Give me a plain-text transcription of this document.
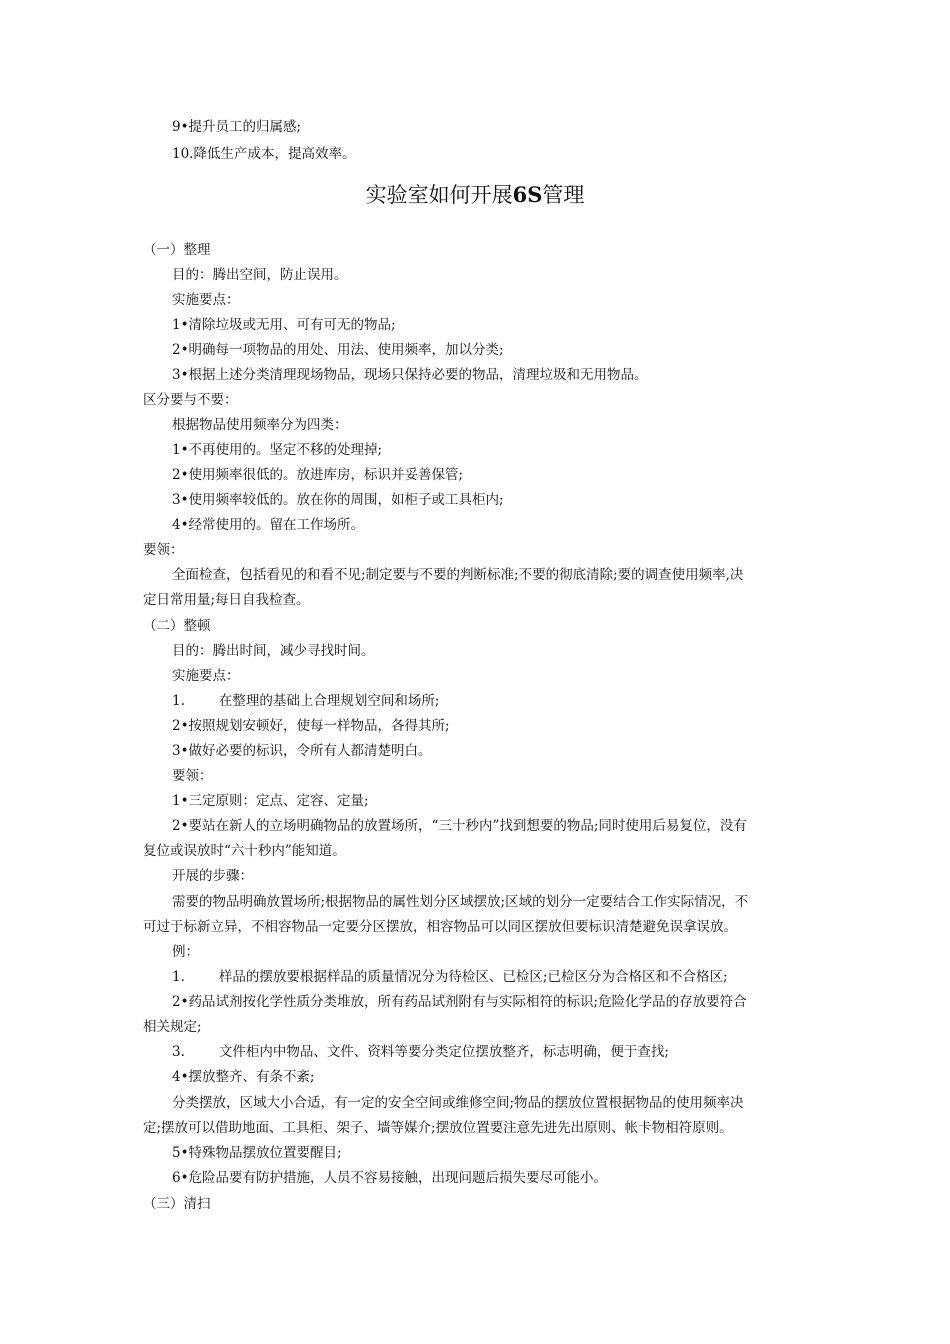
9•提升员工的归属感;
10.降低生产成本，提高效率。
实验室如何开展6S管理
（一）整理
目的：腾出空间，防止误用。
实施要点：
1•清除垃圾或无用、可有可无的物品;
2•明确每一项物品的用处、用法、使用频率，加以分类;
3•根据上述分类清理现场物品，现场只保持必要的物品，清理垃圾和无用物品。
区分要与不要：
根据物品使用频率分为四类：
1•不再使用的。坚定不移的处理掉;
2•使用频率很低的。放进库房，标识并妥善保管;
3•使用频率较低的。放在你的周围，如柜子或工具柜内;
4•经常使用的。留在工作场所。
要领：
全面检查，包括看见的和看不见;制定要与不要的判断标准;不要的彻底清除;要的调查使用频率,决
定日常用量;每日自我检查。
（二）整顿
目的：腾出时间，减少寻找时间。
实施要点：
1.	在整理的基础上合理规划空间和场所;
2•按照规划安顿好，使每一样物品，各得其所;
3•做好必要的标识，令所有人都清楚明白。
要领：
1•三定原则：定点、定容、定量;
2•要站在新人的立场明确物品的放置场所，“三十秒内”找到想要的物品;同时使用后易复位，没有
复位或误放时“六十秒内”能知道。
开展的步骤：
需要的物品明确放置场所;根据物品的属性划分区域摆放;区域的划分一定要结合工作实际情况，不
可过于标新立异，不相容物品一定要分区摆放，相容物品可以同区摆放但要标识清楚避免误拿误放。
例：
1.	样品的摆放要根据样品的质量情况分为待检区、已检区;已检区分为合格区和不合格区;
2•药品试剂按化学性质分类堆放，所有药品试剂附有与实际相符的标识;危险化学品的存放要符合
相关规定;
3.	文件柜内中物品、文件、资料等要分类定位摆放整齐，标志明确，便于查找;
4•摆放整齐、有条不紊;
分类摆放，区域大小合适，有一定的安全空间或维修空间;物品的摆放位置根据物品的使用频率决
定;摆放可以借助地面、工具柜、架子、墙等媒介;摆放位置要注意先进先出原则、帐卡物相符原则。
5•特殊物品摆放位置要醒目;
6•危险品要有防护措施，人员不容易接触，出现问题后损失要尽可能小。
（三）清扫
